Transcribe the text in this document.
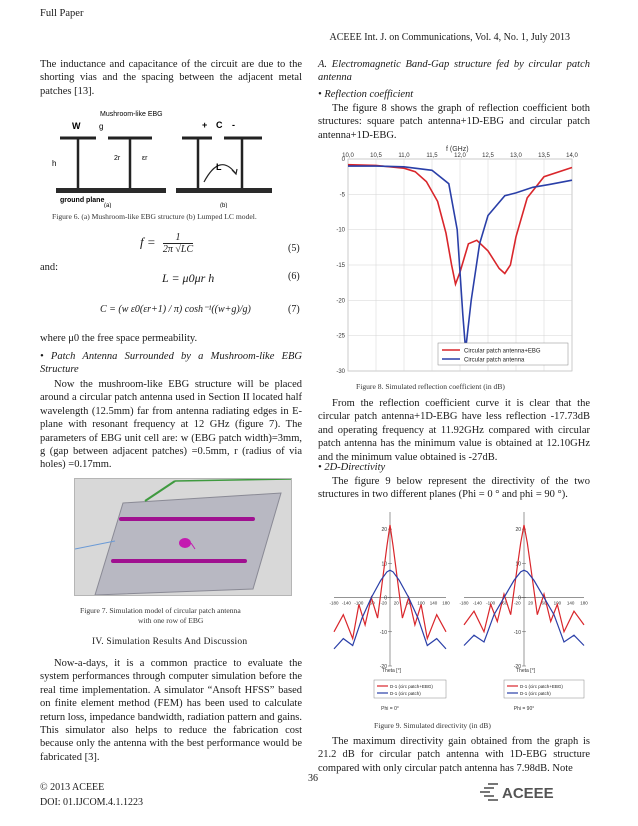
Full Paper
ACEEE Int. J. on Communications, Vol. 4, No. 1, July 2013

The inductance and capacitance of the circuit are due to the shorting vias and the spacing between the adjacent metal patches [13].

Mushroom-like EBG
W g
h
2r	εr
ground plane
(a)
+ C -
L
(b)
Figure 6. (a) Mushroom-like EBG structure (b) Lumped LC model.
$f = \frac{1}{2\pi √LC}$	(5)
and:
L = μ0μr h	(6)
C = (w ε0(εr+1) / π) cosh⁻¹((w+g)/g)	(7)

where μ0 the free space permeability.

• Patch Antenna Surrounded by a Mushroom-like EBG Structure

Now the mushroom-like EBG structure will be placed around a circular patch antenna used in Section II located half wavelength (12.5mm) far from antenna radiating edges in E-plane with resonant frequency at 12 GHz (figure 7). The parameters of EBG unit cell are: w (EBG patch width)=3mm, g (gap between adjacent patches) =0.5mm, r (radius of via holes) =0.17mm.

Figure 7. Simulation model of circular patch antenna
with one row of EBG
IV. Simulation Results And Discussion

Now-a-days, it is a common practice to evaluate the system performances through computer simulation before the real time implementation. A simulator “Ansoft HFSS” based on finite element method (FEM) has been used to calculate return loss, impedance bandwidth, radiation pattern and gains. This simulator also helps to reduce the fabrication cost because only the antenna with the best performance would be fabricated [3].

A. Electromagnetic Band-Gap structure fed by circular patch antenna

• Reflection coefficient

The figure 8 shows the graph of reflection coefficient both structures: square patch antenna+1D-EBG and circular patch antenna+1D-EBG.

f (GHz)
10,0	10,5	11,0	11,5	12,0	12,5	13,0	13,5	14,0
0
-5
-10
-15
-20
-25
-30
Circular patch antenna+EBG
Circular patch antenna
Figure 8. Simulated reflection coefficient (in dB)

From the reflection coefficient curve it is clear that the circular patch antenna+1D-EBG have less reflection -17.73dB and operating frequency at 11.92GHz compared with circular patch antenna has the minimum value is obtained at 12.10GHz and the minimum value obtained is -27dB.

• 2D-Directivity

The figure 9 below represent the directivity of the two structures in two different planes (Phi = 0 ° and phi = 90 °).

20
10
0
-10
-20
-180 -140 -100 -60 -20 20 60 100 140 180
Theta [°]
D-1 (circ patch+EBG)
D-1 (circ patch)
Phi = 0°
20
10
0
-10
-20
-180 -140 -100 -60 -20 20 60 100 140 180
Theta [°]
D-1 (circ patch+EBG)
D-1 (circ patch)
Phi = 90°
Figure 9. Simulated directivity (in dB)

The maximum directivity gain obtained from the graph is 21.2 dB for circular patch antenna with 1D-EBG structure compared with only circular patch antenna has 7.98dB. Note

36
© 2013 ACEEE
DOI: 01.IJCOM.4.1.1223
ACEEE
